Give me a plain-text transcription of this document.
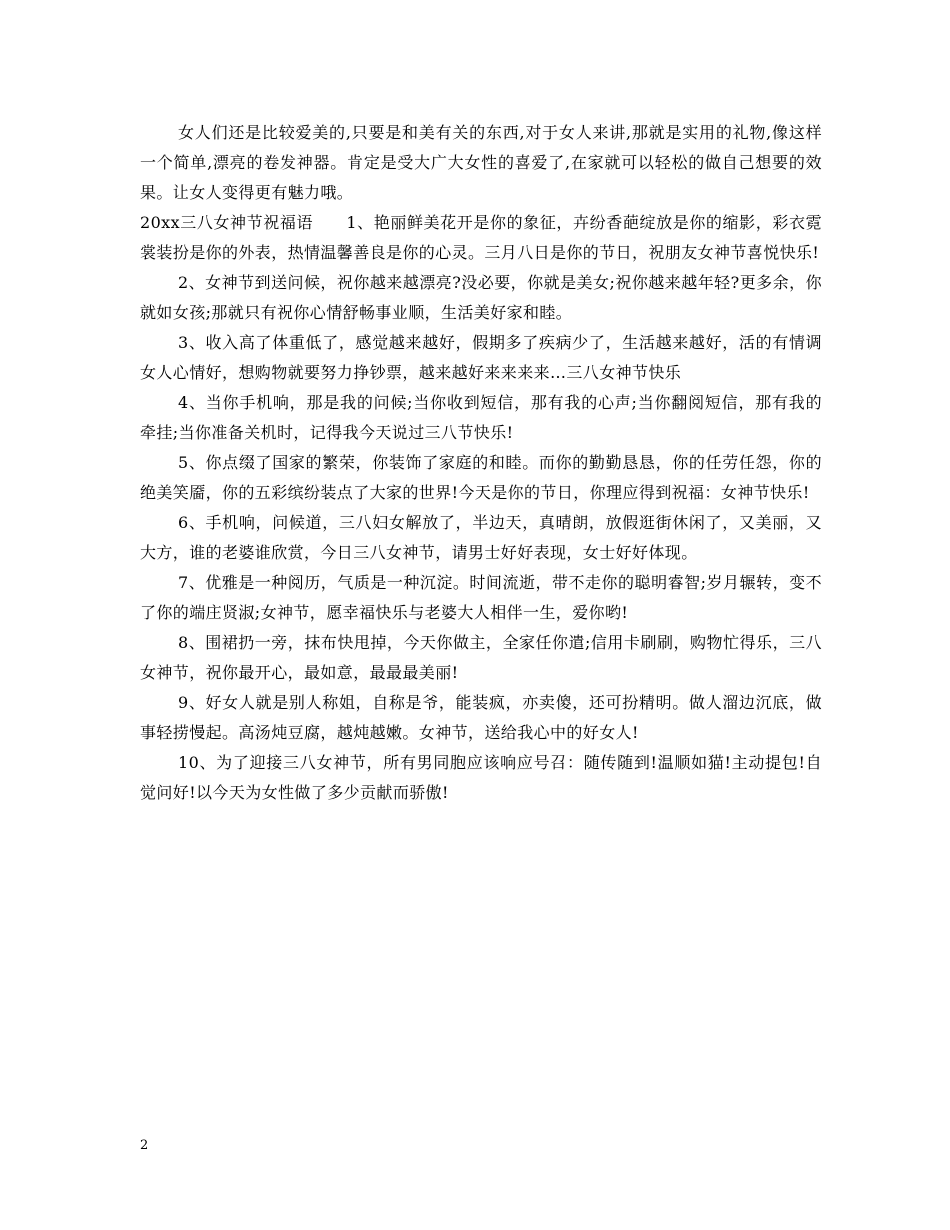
女人们还是比较爱美的,只要是和美有关的东西,对于女人来讲,那就是实用的礼物,像这样一个简单,漂亮的卷发神器。肯定是受大广大女性的喜爱了,在家就可以轻松的做自己想要的效果。让女人变得更有魅力哦。

20xx三八女神节祝福语　　1、艳丽鲜美花开是你的象征，卉纷香葩绽放是你的缩影，彩衣霓裳装扮是你的外表，热情温馨善良是你的心灵。三月八日是你的节日，祝朋友女神节喜悦快乐!

2、女神节到送问候，祝你越来越漂亮?没必要，你就是美女;祝你越来越年轻?更多余，你就如女孩;那就只有祝你心情舒畅事业顺，生活美好家和睦。

3、收入高了体重低了，感觉越来越好，假期多了疾病少了，生活越来越好，活的有情调女人心情好，想购物就要努力挣钞票，越来越好来来来来…三八女神节快乐

4、当你手机响，那是我的问候;当你收到短信，那有我的心声;当你翻阅短信，那有我的牵挂;当你准备关机时，记得我今天说过三八节快乐!

5、你点缀了国家的繁荣，你装饰了家庭的和睦。而你的勤勤恳恳，你的任劳任怨，你的绝美笑靥，你的五彩缤纷装点了大家的世界!今天是你的节日，你理应得到祝福：女神节快乐!

6、手机响，问候道，三八妇女解放了，半边天，真晴朗，放假逛街休闲了，又美丽，又大方，谁的老婆谁欣赏，今日三八女神节，请男士好好表现，女士好好体现。

7、优雅是一种阅历，气质是一种沉淀。时间流逝，带不走你的聪明睿智;岁月辗转，变不了你的端庄贤淑;女神节，愿幸福快乐与老婆大人相伴一生，爱你哟!

8、围裙扔一旁，抹布快甩掉，今天你做主，全家任你遣;信用卡刷刷，购物忙得乐，三八女神节，祝你最开心，最如意，最最最美丽!

9、好女人就是别人称姐，自称是爷，能装疯，亦卖傻，还可扮精明。做人溜边沉底，做事轻捞慢起。高汤炖豆腐，越炖越嫩。女神节，送给我心中的好女人!

10、为了迎接三八女神节，所有男同胞应该响应号召：随传随到!温顺如猫!主动提包!自觉问好!以今天为女性做了多少贡献而骄傲!

2
